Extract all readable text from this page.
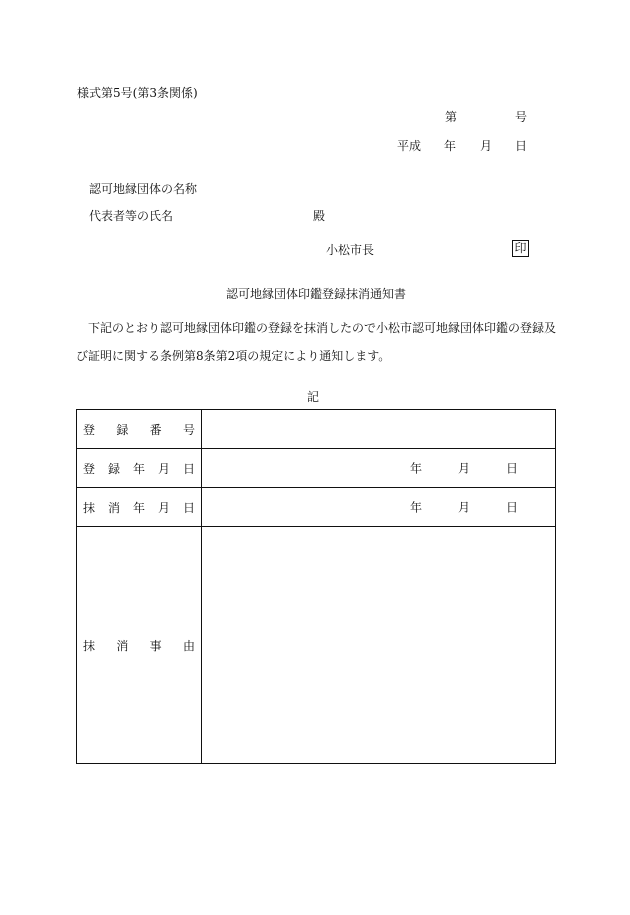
様式第5号(第3条関係)
第	号
平成 年 月 日
認可地縁団体の名称
代表者等の氏名	殿
小松市長	印
認可地縁団体印鑑登録抹消通知書
下記のとおり認可地縁団体印鑑の登録を抹消したので小松市認可地縁団体印鑑の登録及び証明に関する条例第8条第2項の規定により通知します。
記
登 録 番 号	

登 録 年 月 日	年 月 日

抹 消 年 月 日	年 月 日

抹 消 事 由	
